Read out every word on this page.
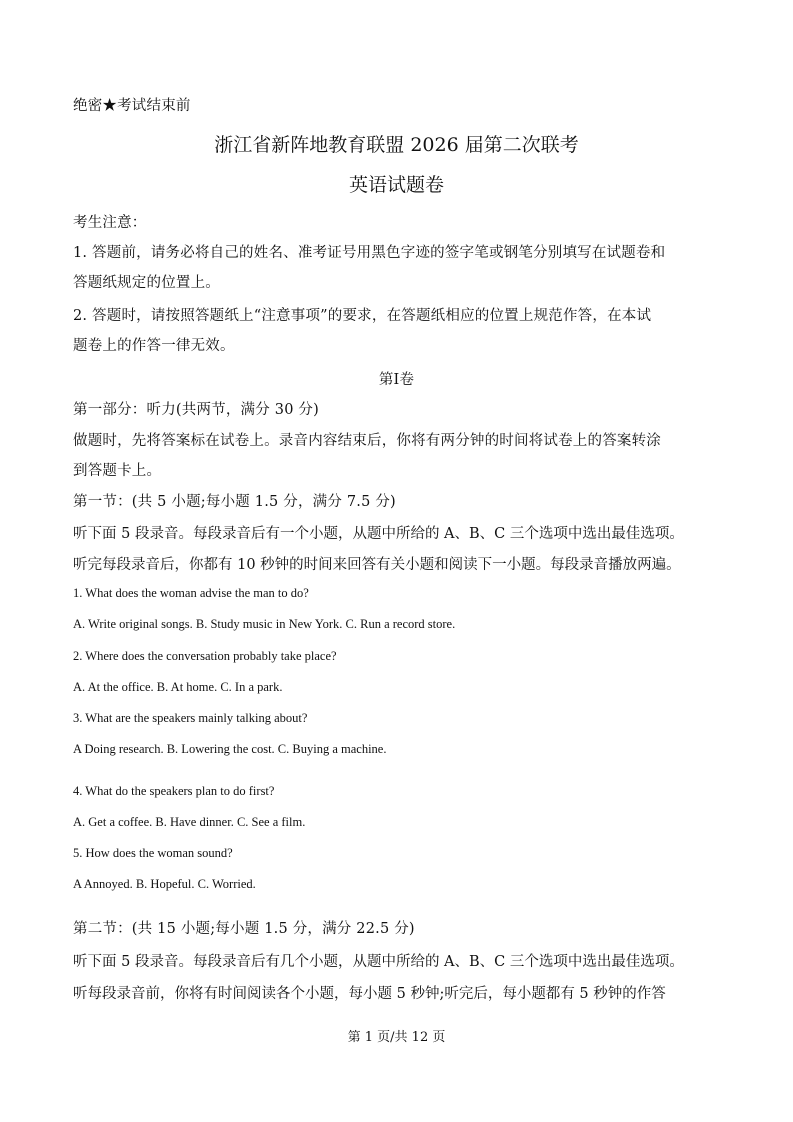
绝密★考试结束前
浙江省新阵地教育联盟 2026 届第二次联考
英语试题卷
考生注意：
1. 答题前，请务必将自己的姓名、准考证号用黑色字迹的签字笔或钢笔分别填写在试题卷和
答题纸规定的位置上。
2. 答题时，请按照答题纸上“注意事项”的要求，在答题纸相应的位置上规范作答，在本试
题卷上的作答一律无效。
第Ⅰ卷
第一部分：听力(共两节，满分 30 分)
做题时，先将答案标在试卷上。录音内容结束后，你将有两分钟的时间将试卷上的答案转涂
到答题卡上。
第一节：(共 5 小题;每小题 1.5 分，满分 7.5 分)
听下面 5 段录音。每段录音后有一个小题，从题中所给的 A、B、C 三个选项中选出最佳选项。
听完每段录音后，你都有 10 秒钟的时间来回答有关小题和阅读下一小题。每段录音播放两遍。
1. What does the woman advise the man to do?
A. Write original songs. B. Study music in New York. C. Run a record store.
2. Where does the conversation probably take place?
A. At the office. B. At home. C. In a park.
3. What are the speakers mainly talking about?
A Doing research. B. Lowering the cost. C. Buying a machine.
4. What do the speakers plan to do first?
A. Get a coffee. B. Have dinner. C. See a film.
5. How does the woman sound?
A Annoyed. B. Hopeful. C. Worried.
第二节：(共 15 小题;每小题 1.5 分，满分 22.5 分)
听下面 5 段录音。每段录音后有几个小题，从题中所给的 A、B、C 三个选项中选出最佳选项。
听每段录音前，你将有时间阅读各个小题，每小题 5 秒钟;听完后，每小题都有 5 秒钟的作答
第 1 页/共 12 页
